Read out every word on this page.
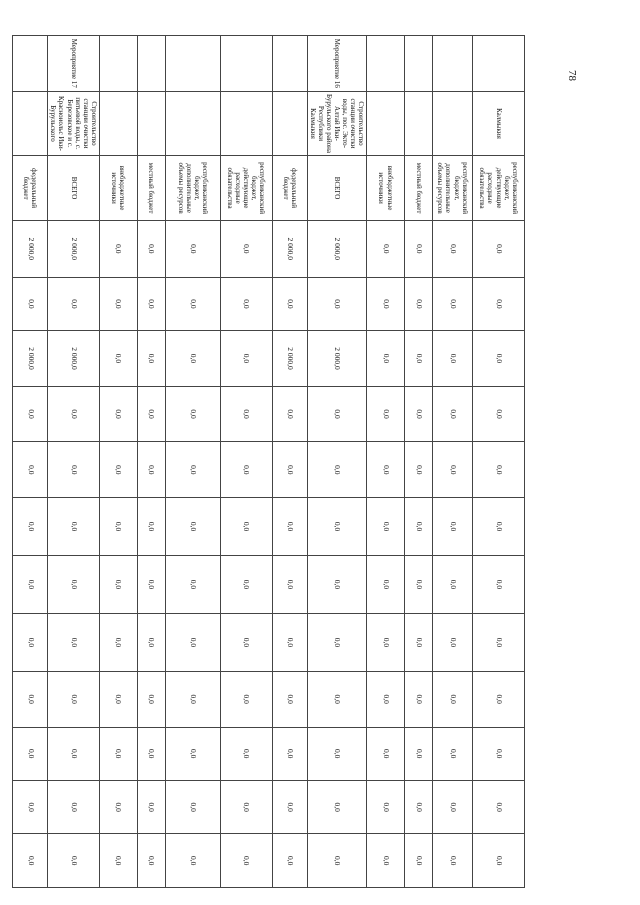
78
	Калмыкия	республиканский бюджет, действующие расходные обязательства	0,0	0,0	0,0	0,0	0,0	0,0	0,0	0,0	0,0	0,0	0,0	0,0
		республиканский бюджет, дополнительные объемы ресурсов	0,0	0,0	0,0	0,0	0,0	0,0	0,0	0,0	0,0	0,0	0,0	0,0
		местный бюджет	0,0	0,0	0,0	0,0	0,0	0,0	0,0	0,0	0,0	0,0	0,0	0,0
		внебюджетные источники	0,0	0,0	0,0	0,0	0,0	0,0	0,0	0,0	0,0	0,0	0,0	0,0
Мероприятие 16	Строительство станции очистки воды, пос. Экто-Алтай Ики-Бурульского района Республики Калмыкия	ВСЕГО	2 000,0	0,0	2 000,0	0,0	0,0	0,0	0,0	0,0	0,0	0,0	0,0	0,0
		федеральный бюджет	2 000,0	0,0	2 000,0	0,0	0,0	0,0	0,0	0,0	0,0	0,0	0,0	0,0
		республиканский бюджет, действующие расходные обязательства	0,0	0,0	0,0	0,0	0,0	0,0	0,0	0,0	0,0	0,0	0,0	0,0
		республиканский бюджет, дополнительные объемы ресурсов	0,0	0,0	0,0	0,0	0,0	0,0	0,0	0,0	0,0	0,0	0,0	0,0
		местный бюджет	0,0	0,0	0,0	0,0	0,0	0,0	0,0	0,0	0,0	0,0	0,0	0,0
		внебюджетные источники	0,0	0,0	0,0	0,0	0,0	0,0	0,0	0,0	0,0	0,0	0,0	0,0
Мероприятие 17	Строительство станции очистки питьевой воды, с. Березовское и с. Красноиольс Ики-Бурульского	ВСЕГО	2 000,0	0,0	2 000,0	0,0	0,0	0,0	0,0	0,0	0,0	0,0	0,0	0,0
		федеральный бюджет	2 000,0	0,0	2 000,0	0,0	0,0	0,0	0,0	0,0	0,0	0,0	0,0	0,0
